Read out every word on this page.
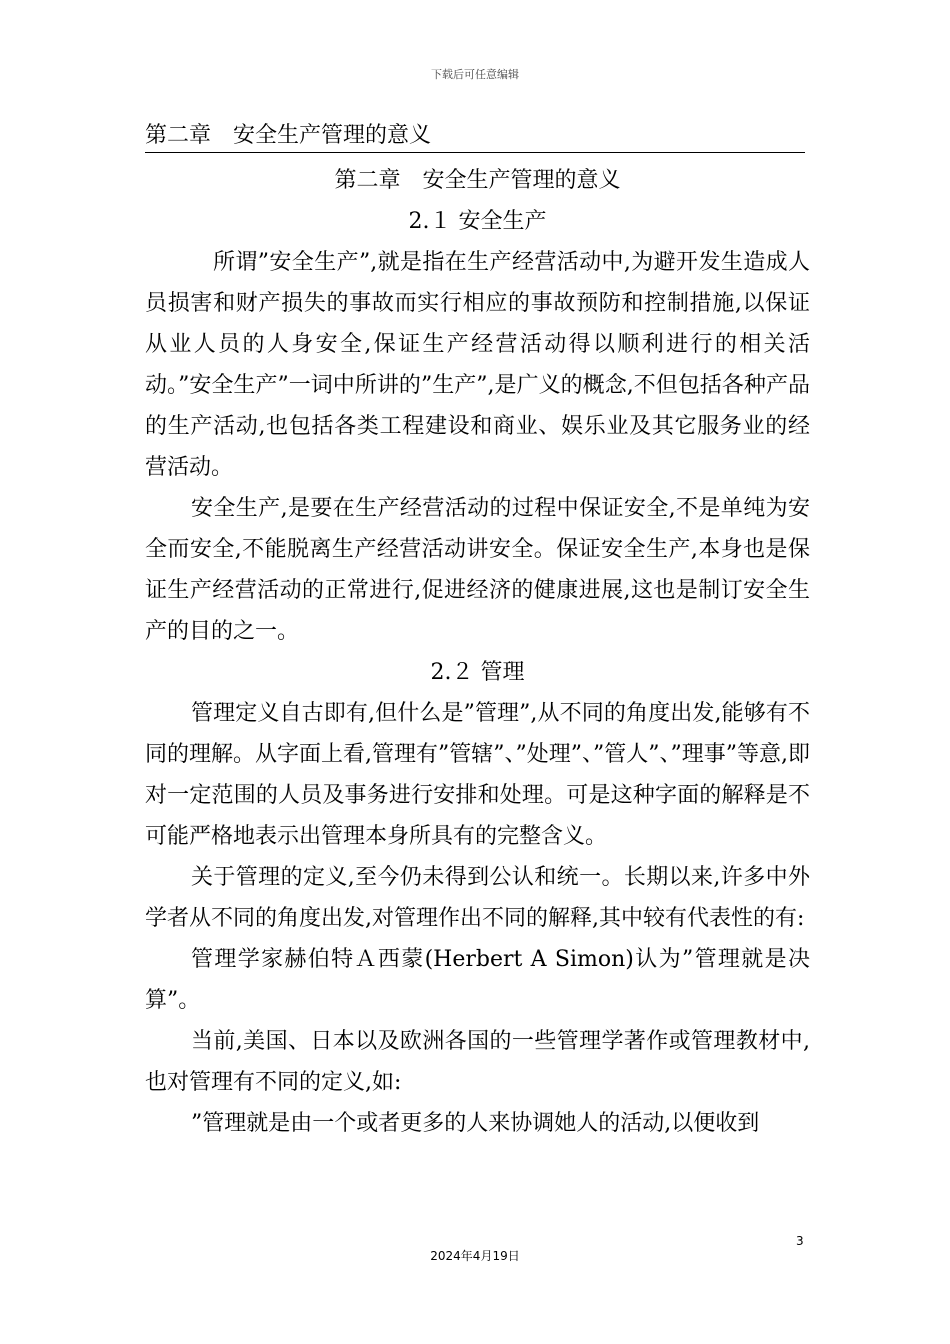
下载后可任意编辑
第二章　安全生产管理的意义

第二章　安全生产管理的意义

2.１ 安全生产

所谓”安全生产”,就是指在生产经营活动中,为避开发生造成人员损害和财产损失的事故而实行相应的事故预防和控制措施,以保证从业人员的人身安全,保证生产经营活动得以顺利进行的相关活动。”安全生产”一词中所讲的”生产”,是广义的概念,不但包括各种产品的生产活动,也包括各类工程建设和商业、娱乐业及其它服务业的经营活动。

安全生产,是要在生产经营活动的过程中保证安全,不是单纯为安全而安全,不能脱离生产经营活动讲安全。保证安全生产,本身也是保证生产经营活动的正常进行,促进经济的健康进展,这也是制订安全生产的目的之一。

2.２ 管理

管理定义自古即有,但什么是”管理”,从不同的角度出发,能够有不同的理解。从字面上看,管理有”管辖”、”处理”、”管人”、”理事”等意,即对一定范围的人员及事务进行安排和处理。可是这种字面的解释是不可能严格地表示出管理本身所具有的完整含义。

关于管理的定义,至今仍未得到公认和统一。长期以来,许多中外学者从不同的角度出发,对管理作出不同的解释,其中较有代表性的有:

管理学家赫伯特Ａ西蒙(Herbert A Simon)认为”管理就是决算”。

当前,美国、日本以及欧洲各国的一些管理学著作或管理教材中,也对管理有不同的定义,如:

”管理就是由一个或者更多的人来协调她人的活动,以便收到

3
2024年4月19日
